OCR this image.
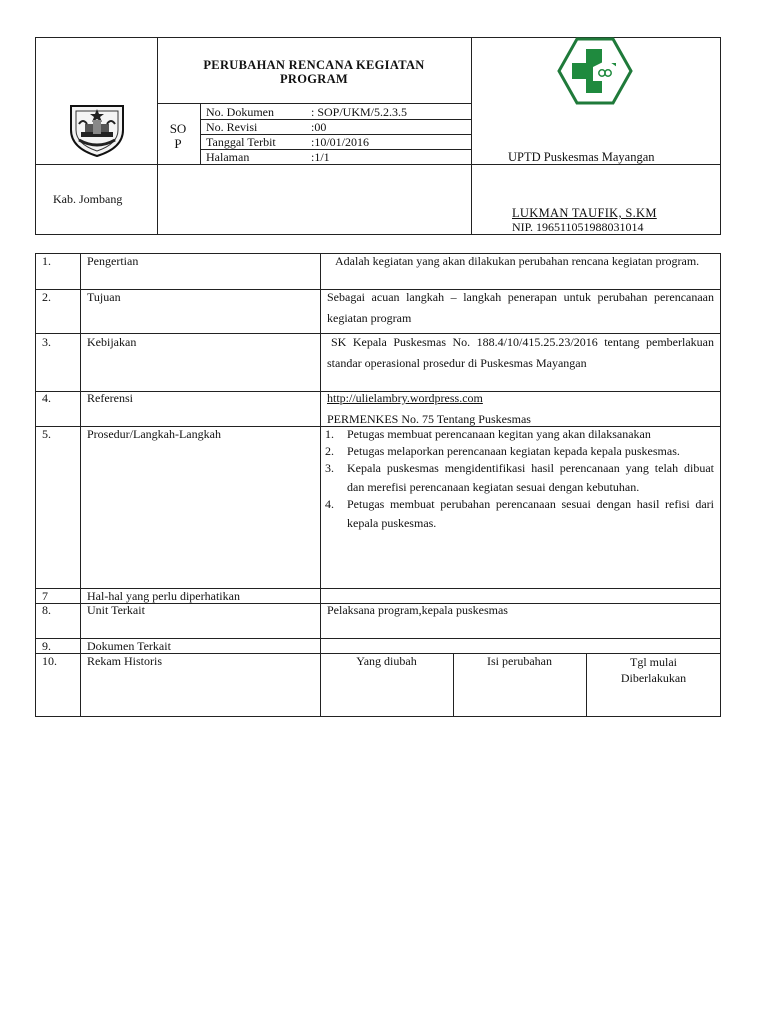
PERUBAHAN RENCANA KEGIATAN
PROGRAM
SO
P
No. Dokumen	: SOP/UKM/5.2.3.5
No. Revisi	:00
Tanggal Terbit	:10/01/2016
Halaman	:1/1	UPTD Puskesmas Mayangan
Kab. Jombang
LUKMAN TAUFIK, S.KM
NIP. 196511051988031014
1.	Pengertian	Adalah kegiatan yang akan dilakukan perubahan rencana kegiatan program.
2.	Tujuan	Sebagai acuan langkah – langkah penerapan untuk perubahan perencanaan kegiatan program
3.	Kebijakan	SK Kepala Puskesmas No. 188.4/10/415.25.23/2016 tentang pemberlakuan standar operasional prosedur di Puskesmas Mayangan
4.	Referensi	http://ulielambry.wordpress.com
PERMENKES No. 75 Tentang Puskesmas
5.	Prosedur/Langkah-Langkah	1. Petugas membuat perencanaan kegitan yang akan dilaksanakan
2. Petugas melaporkan perencanaan kegiatan kepada kepala puskesmas.
3. Kepala puskesmas mengidentifikasi hasil perencanaan yang telah dibuat dan merefisi perencanaan kegiatan sesuai dengan kebutuhan.
4. Petugas membuat perubahan perencanaan sesuai dengan hasil refisi dari kepala puskesmas.
7	Hal-hal yang perlu diperhatikan
8.	Unit Terkait	Pelaksana program,kepala puskesmas
9.	Dokumen Terkait
10.	Rekam Historis	Yang diubah	Isi perubahan	Tgl mulai
Diberlakukan
